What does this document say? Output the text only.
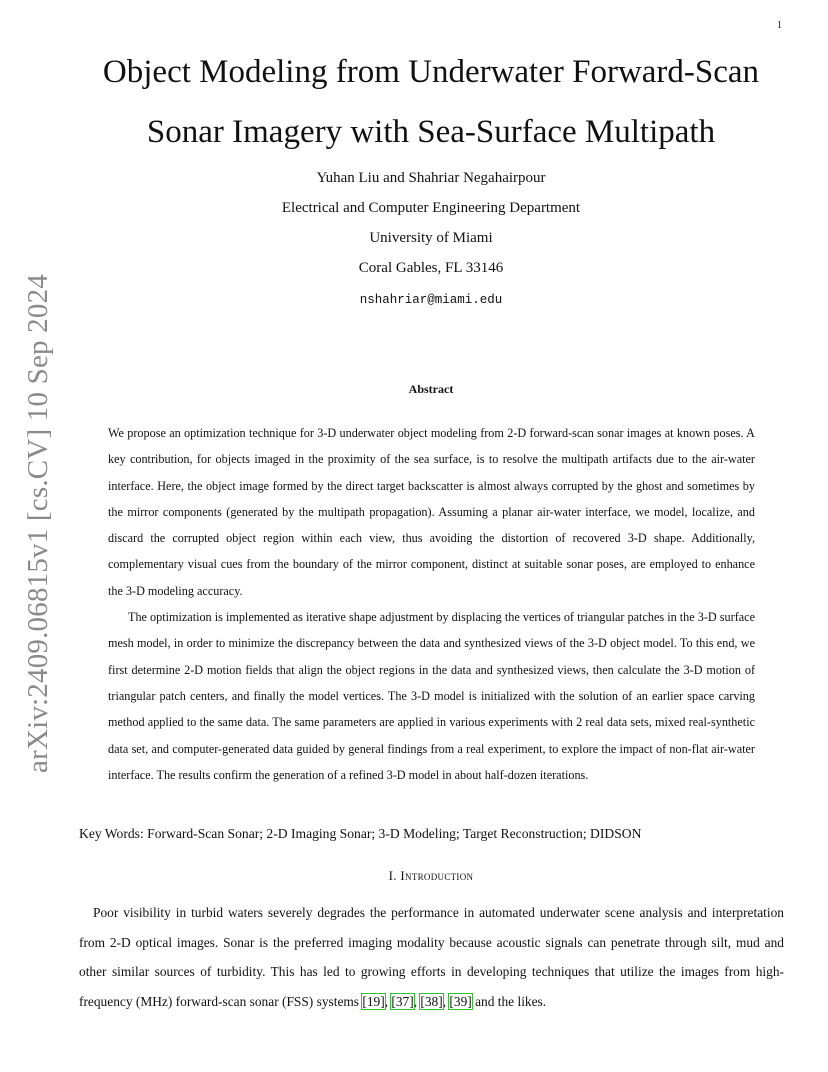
1
arXiv:2409.06815v1 [cs.CV] 10 Sep 2024
Object Modeling from Underwater Forward-Scan
Sonar Imagery with Sea-Surface Multipath
Yuhan Liu and Shahriar Negahairpour
Electrical and Computer Engineering Department
University of Miami
Coral Gables, FL 33146
nshahriar@miami.edu
Abstract

We propose an optimization technique for 3-D underwater object modeling from 2-D forward-scan sonar images at known poses. A key contribution, for objects imaged in the proximity of the sea surface, is to resolve the multipath artifacts due to the air-water interface. Here, the object image formed by the direct target backscatter is almost always corrupted by the ghost and sometimes by the mirror components (generated by the multipath propagation). Assuming a planar air-water interface, we model, localize, and discard the corrupted object region within each view, thus avoiding the distortion of recovered 3-D shape. Additionally, complementary visual cues from the boundary of the mirror component, distinct at suitable sonar poses, are employed to enhance the 3-D modeling accuracy.

The optimization is implemented as iterative shape adjustment by displacing the vertices of triangular patches in the 3-D surface mesh model, in order to minimize the discrepancy between the data and synthesized views of the 3-D object model. To this end, we first determine 2-D motion fields that align the object regions in the data and synthesized views, then calculate the 3-D motion of triangular patch centers, and finally the model vertices. The 3-D model is initialized with the solution of an earlier space carving method applied to the same data. The same parameters are applied in various experiments with 2 real data sets, mixed real-synthetic data set, and computer-generated data guided by general findings from a real experiment, to explore the impact of non-flat air-water interface. The results confirm the generation of a refined 3-D model in about half-dozen iterations.

Key Words: Forward-Scan Sonar; 2-D Imaging Sonar; 3-D Modeling; Target Reconstruction; DIDSON
I. Introduction

Poor visibility in turbid waters severely degrades the performance in automated underwater scene analysis and interpretation from 2-D optical images. Sonar is the preferred imaging modality because acoustic signals can penetrate through silt, mud and other similar sources of turbidity. This has led to growing efforts in developing techniques that utilize the images from high-frequency (MHz) forward-scan sonar (FSS) systems [19], [37], [38], [39] and the likes.
